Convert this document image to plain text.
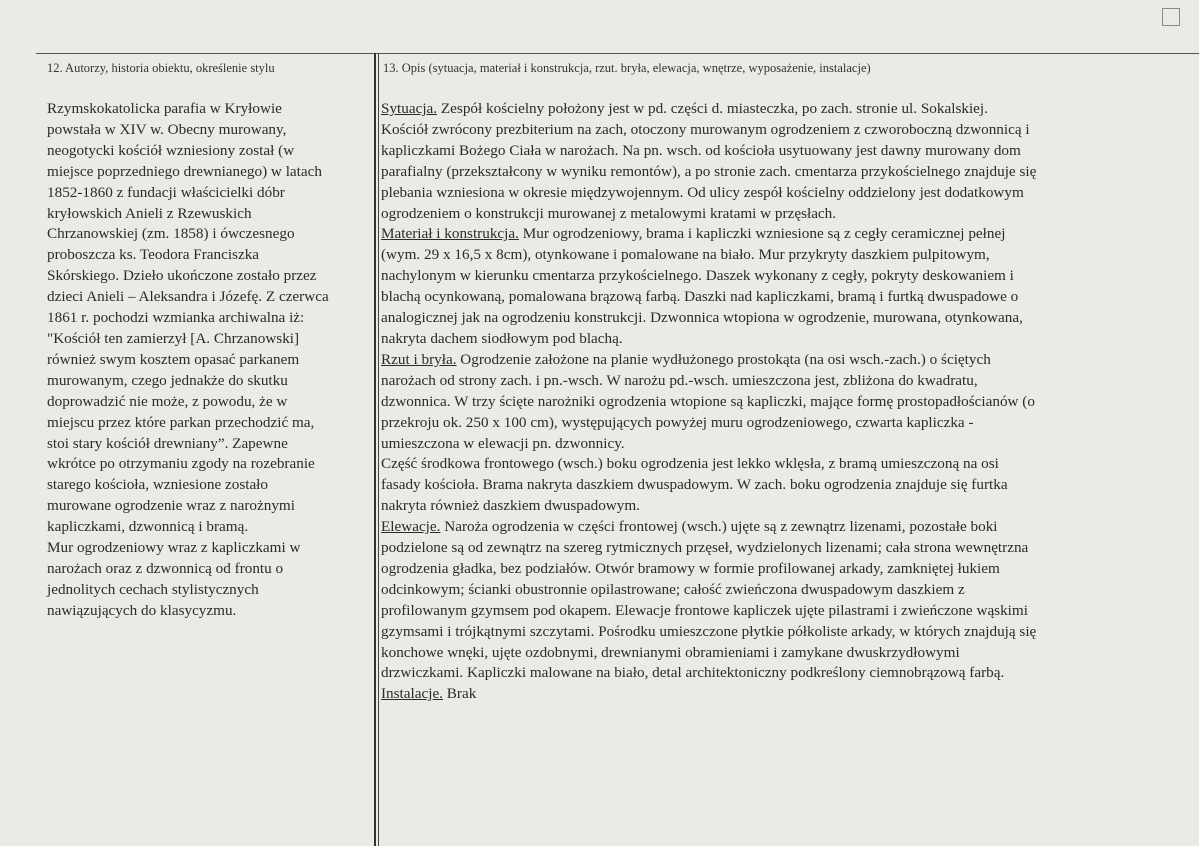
12. Autorzy, historia obiektu, określenie stylu	13. Opis (sytuacja, materiał i konstrukcja, rzut. bryła, elewacja, wnętrze, wyposażenie, instalacje)
Rzymskokatolicka parafia w Kryłowie
powstała w XIV w. Obecny murowany,
neogotycki kościół wzniesiony został (w
miejsce poprzedniego drewnianego) w latach
1852-1860 z fundacji właścicielki dóbr
kryłowskich Anieli z Rzewuskich
Chrzanowskiej (zm. 1858) i ówczesnego
proboszcza ks. Teodora Franciszka
Skórskiego. Dzieło ukończone zostało przez
dzieci Anieli – Aleksandra i Józefę. Z czerwca
1861 r. pochodzi wzmianka archiwalna iż:
"Kościół ten zamierzył [A. Chrzanowski]
również swym kosztem opasać parkanem
murowanym, czego jednakże do skutku
doprowadzić nie może, z powodu, że w
miejscu przez które parkan przechodzić ma,
stoi stary kościół drewniany”. Zapewne
wkrótce po otrzymaniu zgody na rozebranie
starego kościoła, wzniesione zostało
murowane ogrodzenie wraz z narożnymi
kapliczkami, dzwonnicą i bramą.
Mur ogrodzeniowy wraz z kapliczkami w
narożach oraz z dzwonnicą od frontu o
jednolitych cechach stylistycznych
nawiązujących do klasycyzmu.
Sytuacja. Zespół kościelny położony jest w pd. części d. miasteczka, po zach. stronie ul. Sokalskiej.
Kościół zwrócony prezbiterium na zach, otoczony murowanym ogrodzeniem z czworoboczną dzwonnicą i
kapliczkami Bożego Ciała w narożach. Na pn. wsch. od kościoła usytuowany jest dawny murowany dom
parafialny (przekształcony w wyniku remontów), a po stronie zach. cmentarza przykościelnego znajduje się
plebania wzniesiona w okresie międzywojennym. Od ulicy zespół kościelny oddzielony jest dodatkowym
ogrodzeniem o konstrukcji murowanej z metalowymi kratami w przęsłach.
Materiał i konstrukcja. Mur ogrodzeniowy, brama i kapliczki wzniesione są z cegły ceramicznej pełnej
(wym. 29 x 16,5 x 8cm), otynkowane i pomalowane na biało. Mur przykryty daszkiem pulpitowym,
nachylonym w kierunku cmentarza przykościelnego. Daszek wykonany z cegły, pokryty deskowaniem i
blachą ocynkowaną, pomalowana brązową farbą. Daszki nad kapliczkami, bramą i furtką dwuspadowe o
analogicznej jak na ogrodzeniu konstrukcji. Dzwonnica wtopiona w ogrodzenie, murowana, otynkowana,
nakryta dachem siodłowym pod blachą.
Rzut i bryła. Ogrodzenie założone na planie wydłużonego prostokąta (na osi wsch.-zach.) o ściętych
narożach od strony zach. i pn.-wsch. W narożu pd.-wsch. umieszczona jest, zbliżona do kwadratu,
dzwonnica. W trzy ścięte narożniki ogrodzenia wtopione są kapliczki, mające formę prostopadłościanów (o
przekroju ok. 250 x 100 cm), występujących powyżej muru ogrodzeniowego, czwarta kapliczka -
umieszczona w elewacji pn. dzwonnicy.
Część środkowa frontowego (wsch.) boku ogrodzenia jest lekko wklęsła, z bramą umieszczoną na osi
fasady kościoła. Brama nakryta daszkiem dwuspadowym. W zach. boku ogrodzenia znajduje się furtka
nakryta również daszkiem dwuspadowym.
Elewacje. Naroża ogrodzenia w części frontowej (wsch.) ujęte są z zewnątrz lizenami, pozostałe boki
podzielone są od zewnątrz na szereg rytmicznych przęseł, wydzielonych lizenami; cała strona wewnętrzna
ogrodzenia gładka, bez podziałów. Otwór bramowy w formie profilowanej arkady, zamkniętej łukiem
odcinkowym; ścianki obustronnie opilastrowane; całość zwieńczona dwuspadowym daszkiem z
profilowanym gzymsem pod okapem. Elewacje frontowe kapliczek ujęte pilastrami i zwieńczone wąskimi
gzymsami i trójkątnymi szczytami. Pośrodku umieszczone płytkie półkoliste arkady, w których znajdują się
konchowe wnęki, ujęte ozdobnymi, drewnianymi obramieniami i zamykane dwuskrzydłowymi
drzwiczkami. Kapliczki malowane na biało, detal architektoniczny podkreślony ciemnobrązową farbą.
Instalacje. Brak
